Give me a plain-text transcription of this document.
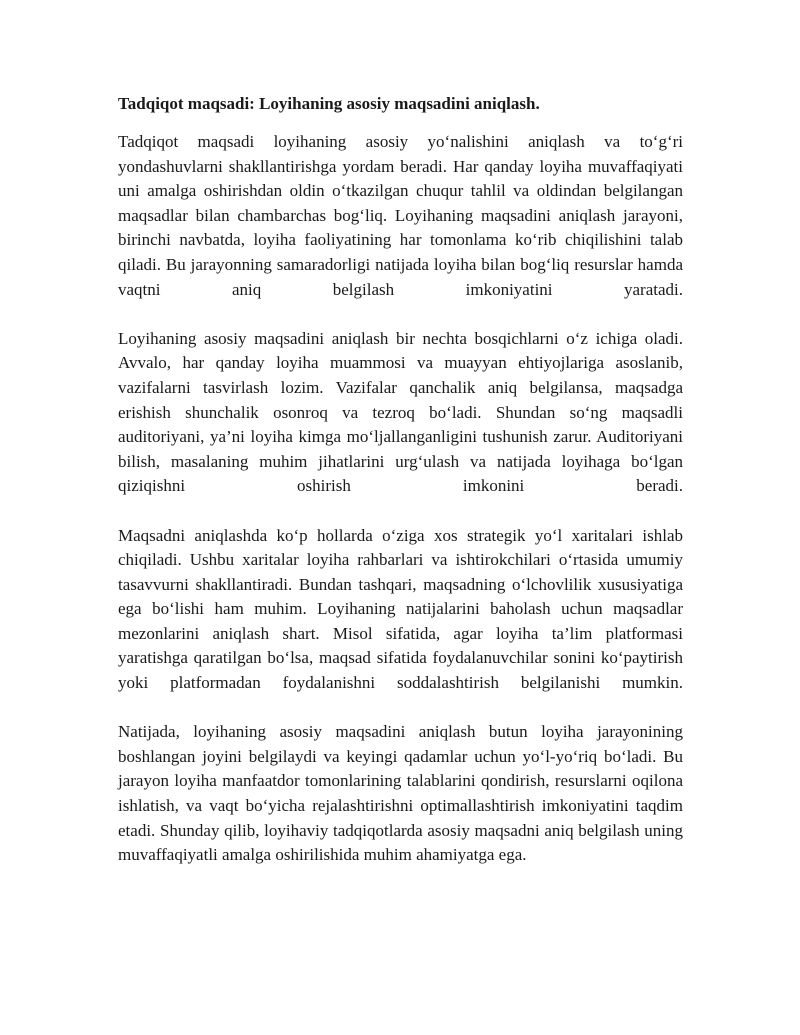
Tadqiqot maqsadi: Loyihaning asosiy maqsadini aniqlash.

Tadqiqot maqsadi loyihaning asosiy yo‘nalishini aniqlash va to‘g‘ri yondashuvlarni shakllantirishga yordam beradi. Har qanday loyiha muvaffaqiyati uni amalga oshirishdan oldin o‘tkazilgan chuqur tahlil va oldindan belgilangan maqsadlar bilan chambarchas bog‘liq. Loyihaning maqsadini aniqlash jarayoni, birinchi navbatda, loyiha faoliyatining har tomonlama ko‘rib chiqilishini talab qiladi. Bu jarayonning samaradorligi natijada loyiha bilan bog‘liq resurslar hamda vaqtni aniq belgilash imkoniyatini yaratadi.

Loyihaning asosiy maqsadini aniqlash bir nechta bosqichlarni o‘z ichiga oladi. Avvalo, har qanday loyiha muammosi va muayyan ehtiyojlariga asoslanib, vazifalarni tasvirlash lozim. Vazifalar qanchalik aniq belgilansa, maqsadga erishish shunchalik osonroq va tezroq bo‘ladi. Shundan so‘ng maqsadli auditoriyani, ya’ni loyiha kimga mo‘ljallanganligini tushunish zarur. Auditoriyani bilish, masalaning muhim jihatlarini urg‘ulash va natijada loyihaga bo‘lgan qiziqishni oshirish imkonini beradi.

Maqsadni aniqlashda ko‘p hollarda o‘ziga xos strategik yo‘l xaritalari ishlab chiqiladi. Ushbu xaritalar loyiha rahbarlari va ishtirokchilari o‘rtasida umumiy tasavvurni shakllantiradi. Bundan tashqari, maqsadning o‘lchovlilik xususiyatiga ega bo‘lishi ham muhim. Loyihaning natijalarini baholash uchun maqsadlar mezonlarini aniqlash shart. Misol sifatida, agar loyiha ta’lim platformasi yaratishga qaratilgan bo‘lsa, maqsad sifatida foydalanuvchilar sonini ko‘paytirish yoki platformadan foydalanishni soddalashtirish belgilanishi mumkin.

Natijada, loyihaning asosiy maqsadini aniqlash butun loyiha jarayonining boshlangan joyini belgilaydi va keyingi qadamlar uchun yo‘l-yo‘riq bo‘ladi. Bu jarayon loyiha manfaatdor tomonlarining talablarini qondirish, resurslarni oqilona ishlatish, va vaqt bo‘yicha rejalashtirishni optimallashtirish imkoniyatini taqdim etadi. Shunday qilib, loyihaviy tadqiqotlarda asosiy maqsadni aniq belgilash uning muvaffaqiyatli amalga oshirilishida muhim ahamiyatga ega.
